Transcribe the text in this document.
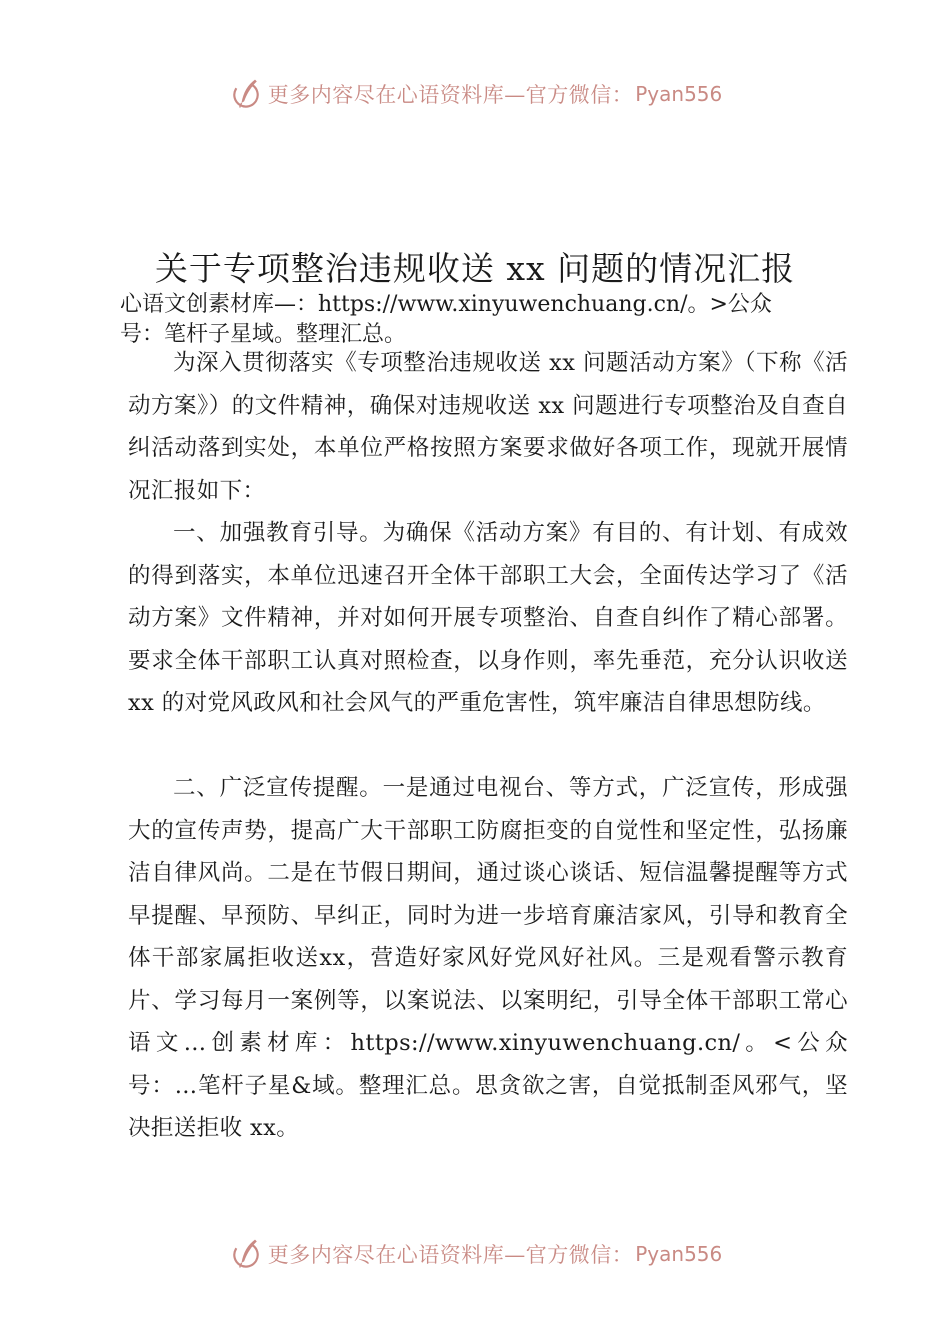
更多内容尽在心语资料库—官方微信： Pyan556
关于专项整治违规收送 xx 问题的情况汇报
心语文创素材库—：https://www.xinyuwenchuang.cn/。>公众
号：笔杆子星域。整理汇总。

为深入贯彻落实《专项整治违规收送 xx 问题活动方案》（下称《活动方案》）的文件精神，确保对违规收送 xx 问题进行专项整治及自查自纠活动落到实处，本单位严格按照方案要求做好各项工作，现就开展情况汇报如下：

一、加强教育引导。为确保《活动方案》有目的、有计划、有成效的得到落实，本单位迅速召开全体干部职工大会，全面传达学习了《活动方案》文件精神，并对如何开展专项整治、自查自纠作了精心部署。要求全体干部职工认真对照检查，以身作则，率先垂范，充分认识收送 xx 的对党风政风和社会风气的严重危害性，筑牢廉洁自律思想防线。

二、广泛宣传提醒。一是通过电视台、等方式，广泛宣传，形成强大的宣传声势，提高广大干部职工防腐拒变的自觉性和坚定性，弘扬廉洁自律风尚。二是在节假日期间，通过谈心谈话、短信温馨提醒等方式早提醒、早预防、早纠正，同时为进一步培育廉洁家风，引导和教育全体干部家属拒收送xx，营造好家风好党风好社风。三是观看警示教育片、学习每月一案例等，以案说法、以案明纪，引导全体干部职工常心语文…创素材库：https://www.xinyuwenchuang.cn/。<公众号：…笔杆子星&域。整理汇总。思贪欲之害，自觉抵制歪风邪气，坚决拒送拒收 xx。

更多内容尽在心语资料库—官方微信： Pyan556
